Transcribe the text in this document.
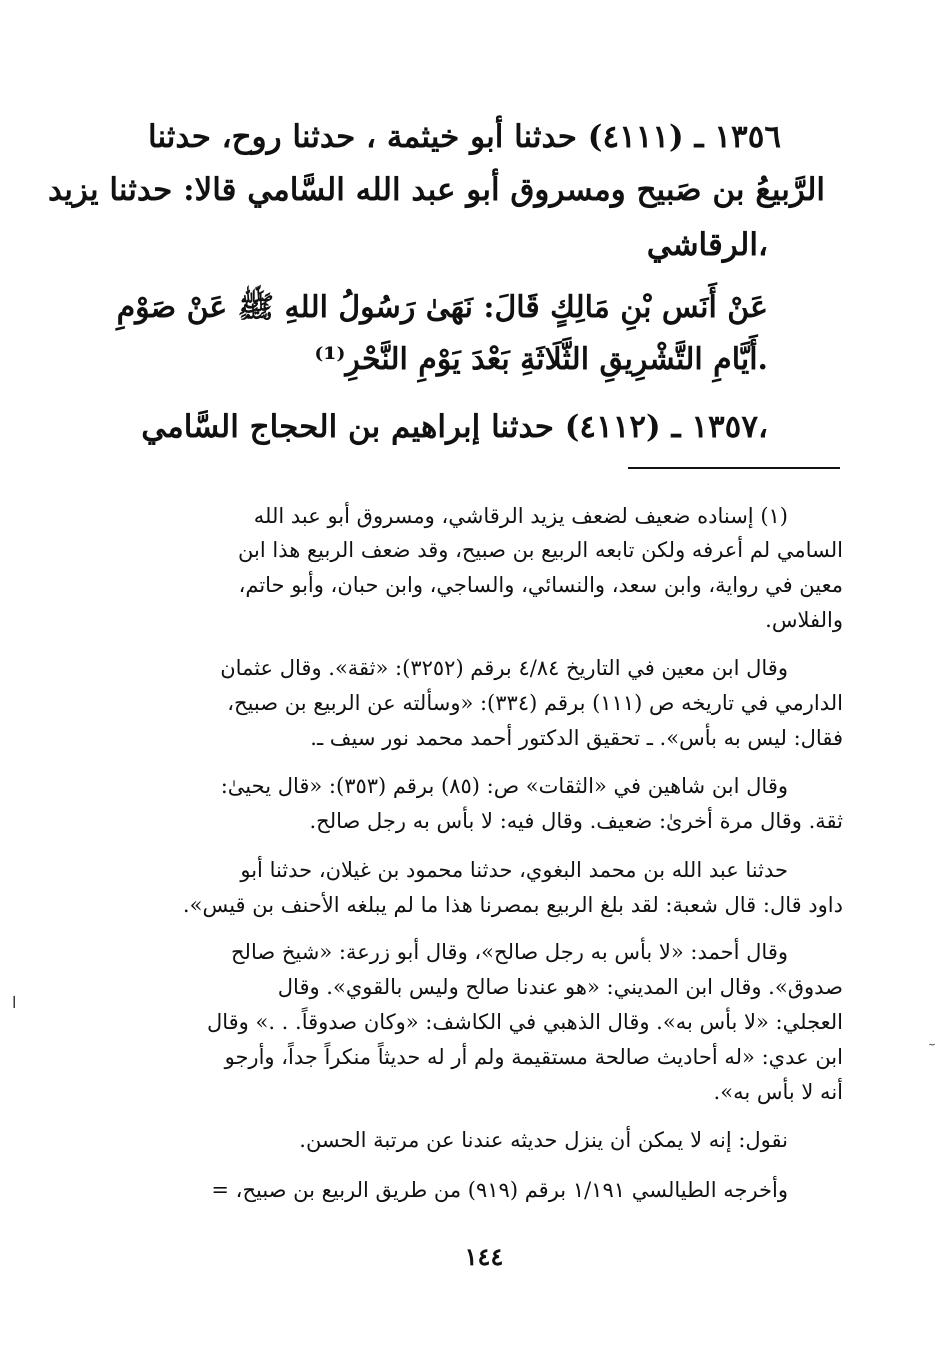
١٣٥٦ ـ (٤١١١) حدثنا أبو خيثمة ، حدثنا روح، حدثنا
الرَّبيعُ بن صَبيح ومسروق أبو عبد الله السَّامي قالا: حدثنا يزيد
الرقاشي،
عَنْ أَنَس بْنِ مَالِكٍ قَالَ: نَهَىٰ رَسُولُ اللهِ ﷺ عَنْ صَوْمِ
أَيَّامِ التَّشْرِيقِ الثَّلَاثَةِ بَعْدَ يَوْمِ النَّحْرِ⁽¹⁾.
١٣٥٧ ـ (٤١١٢) حدثنا إبراهيم بن الحجاج السَّامي،
(١) إسناده ضعيف لضعف يزيد الرقاشي، ومسروق أبو عبد الله
السامي لم أعرفه ولكن تابعه الربيع بن صبيح، وقد ضعف الربيع هذا ابن
معين في رواية، وابن سعد، والنسائي، والساجي، وابن حبان، وأبو حاتم،
والفلاس.
وقال ابن معين في التاريخ ٤/٨٤ برقم (٣٢٥٢): «ثقة». وقال عثمان
الدارمي في تاريخه ص (١١١) برقم (٣٣٤): «وسألته عن الربيع بن صبيح،
فقال: ليس به بأس». ـ تحقيق الدكتور أحمد محمد نور سيف ـ.
وقال ابن شاهين في «الثقات» ص: (٨٥) برقم (٣٥٣): «قال يحيىٰ:
ثقة. وقال مرة أخرىٰ: ضعيف. وقال فيه: لا بأس به رجل صالح.
حدثنا عبد الله بن محمد البغوي، حدثنا محمود بن غيلان، حدثنا أبو
داود قال: قال شعبة: لقد بلغ الربيع بمصرنا هذا ما لم يبلغه الأحنف بن قيس».
وقال أحمد: «لا بأس به رجل صالح»، وقال أبو زرعة: «شيخ صالح
صدوق». وقال ابن المديني: «هو عندنا صالح وليس بالقوي». وقال
العجلي: «لا بأس به». وقال الذهبي في الكاشف: «وكان صدوقاً. . .» وقال
ابن عدي: «له أحاديث صالحة مستقيمة ولم أر له حديثاً منكراً جداً، وأرجو
أنه لا بأس به».
نقول: إنه لا يمكن أن ينزل حديثه عندنا عن مرتبة الحسن.
وأخرجه الطيالسي ١/١٩١ برقم (٩١٩) من طريق الربيع بن صبيح، =
١٤٤
ا
